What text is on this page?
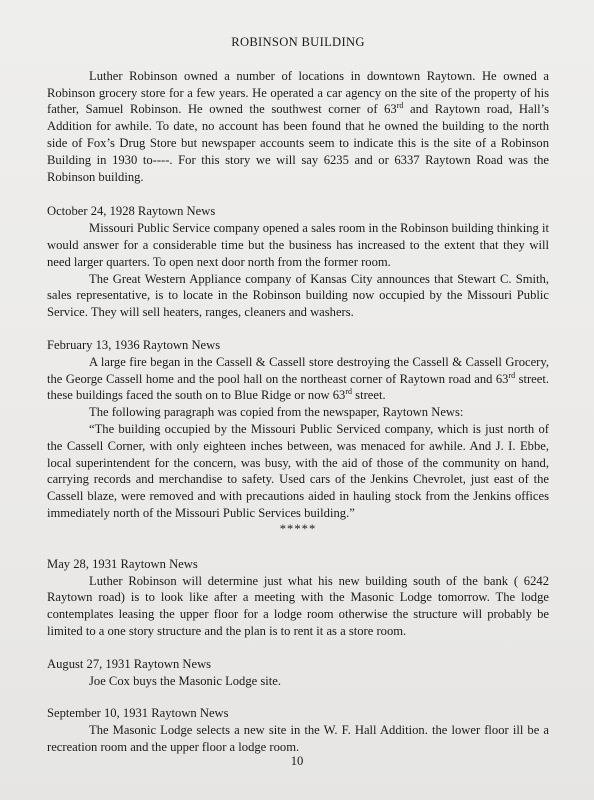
ROBINSON BUILDING

Luther Robinson owned a number of locations in downtown Raytown. He owned a Robinson grocery store for a few years. He operated a car agency on the site of the property of his father, Samuel Robinson. He owned the southwest corner of 63rd and Raytown road, Hall’s Addition for awhile. To date, no account has been found that he owned the building to the north side of Fox’s Drug Store but newspaper accounts seem to indicate this is the site of a Robinson Building in 1930 to----. For this story we will say 6235 and or 6337 Raytown Road was the Robinson building.

October 24, 1928 Raytown News

Missouri Public Service company opened a sales room in the Robinson building thinking it would answer for a considerable time but the business has increased to the extent that they will need larger quarters. To open next door north from the former room.

The Great Western Appliance company of Kansas City announces that Stewart C. Smith, sales representative, is to locate in the Robinson building now occupied by the Missouri Public Service. They will sell heaters, ranges, cleaners and washers.

February 13, 1936 Raytown News

A large fire began in the Cassell & Cassell store destroying the Cassell & Cassell Grocery, the George Cassell home and the pool hall on the northeast corner of Raytown road and 63rd street. these buildings faced the south on to Blue Ridge or now 63rd street.

The following paragraph was copied from the newspaper, Raytown News:

“The building occupied by the Missouri Public Serviced company, which is just north of the Cassell Corner, with only eighteen inches between, was menaced for awhile. And J. I. Ebbe, local superintendent for the concern, was busy, with the aid of those of the community on hand, carrying records and merchandise to safety. Used cars of the Jenkins Chevrolet, just east of the Cassell blaze, were removed and with precautions aided in hauling stock from the Jenkins offices immediately north of the Missouri Public Services building.”

*****

May 28, 1931 Raytown News

Luther Robinson will determine just what his new building south of the bank ( 6242 Raytown road) is to look like after a meeting with the Masonic Lodge tomorrow. The lodge contemplates leasing the upper floor for a lodge room otherwise the structure will probably be limited to a one story structure and the plan is to rent it as a store room.

August 27, 1931 Raytown News

Joe Cox buys the Masonic Lodge site.

September 10, 1931 Raytown News

The Masonic Lodge selects a new site in the W. F. Hall Addition. the lower floor ill be a recreation room and the upper floor a lodge room.

10
